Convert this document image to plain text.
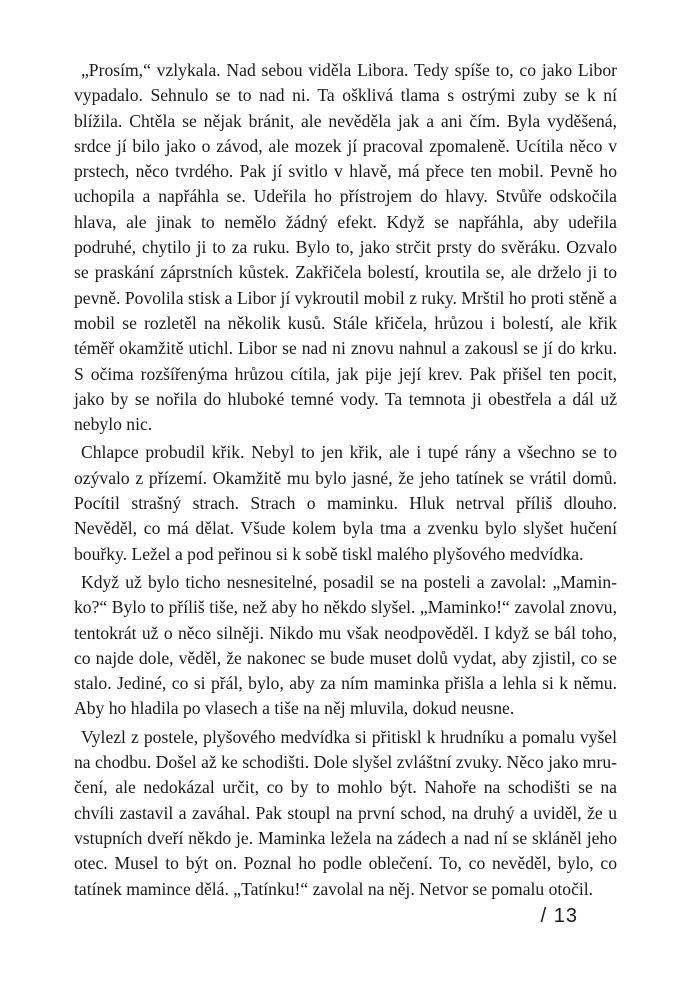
„Prosím,“ vzlykala. Nad sebou viděla Libora. Tedy spíše to, co jako Libor vypadalo. Sehnulo se to nad ni. Ta ošklivá tlama s ostrými zuby se k ní blížila. Chtěla se nějak bránit, ale nevěděla jak a ani čím. Byla vyděšená, srdce jí bilo jako o závod, ale mozek jí pracoval zpomaleně. Ucítila něco v prstech, něco tvrdého. Pak jí svitlo v hlavě, má přece ten mobil. Pevně ho uchopila a napřáhla se. Udeřila ho přístrojem do hlavy. Stvůře odskočila hlava, ale jinak to nemělo žádný efekt. Když se napřáhla, aby udeřila podruhé, chytilo ji to za ruku. Bylo to, jako strčit prsty do svěráku. Ozvalo se praskání záprstních kůstek. Zakřičela bolestí, kroutila se, ale drželo ji to pevně. Povolila stisk a Libor jí vykroutil mobil z ruky. Mrštil ho proti stěně a mobil se rozletěl na několik kusů. Stále křičela, hrůzou i bolestí, ale křik téměř okamžitě utichl. Libor se nad ni znovu nahnul a zakousl se jí do krku. S očima rozšířenýma hrůzou cítila, jak pije její krev. Pak přišel ten pocit, jako by se nořila do hluboké temné vody. Ta temnota ji obestřela a dál už nebylo nic.

Chlapce probudil křik. Nebyl to jen křik, ale i tupé rány a všechno se to ozývalo z přízemí. Okamžitě mu bylo jasné, že jeho tatínek se vrátil domů. Pocítil strašný strach. Strach o maminku. Hluk netrval příliš dlouho. Nevěděl, co má dělat. Všude kolem byla tma a zvenku bylo slyšet hučení bouřky. Ležel a pod peřinou si k sobě tiskl malého plyšového medvídka.

Když už bylo ticho nesnesitelné, posadil se na posteli a zavolal: „Maminko?“ Bylo to příliš tiše, než aby ho někdo slyšel. „Maminko!“ zavolal znovu, tentokrát už o něco silněji. Nikdo mu však neodpověděl. I když se bál toho, co najde dole, věděl, že nakonec se bude muset dolů vydat, aby zjistil, co se stalo. Jediné, co si přál, bylo, aby za ním maminka přišla a lehla si k němu. Aby ho hladila po vlasech a tiše na něj mluvila, dokud neusne.

Vylezl z postele, plyšového medvídka si přitiskl k hrudníku a pomalu vyšel na chodbu. Došel až ke schodišti. Dole slyšel zvláštní zvuky. Něco jako mručení, ale nedokázal určit, co by to mohlo být. Nahoře na schodišti se na chvíli zastavil a zaváhal. Pak stoupl na první schod, na druhý a uviděl, že u vstupních dveří někdo je. Maminka ležela na zádech a nad ní se skláněl jeho otec. Musel to být on. Poznal ho podle oblečení. To, co nevěděl, bylo, co tatínek mamince dělá. „Tatínku!“ zavolal na něj. Netvor se pomalu otočil.

/ 13
